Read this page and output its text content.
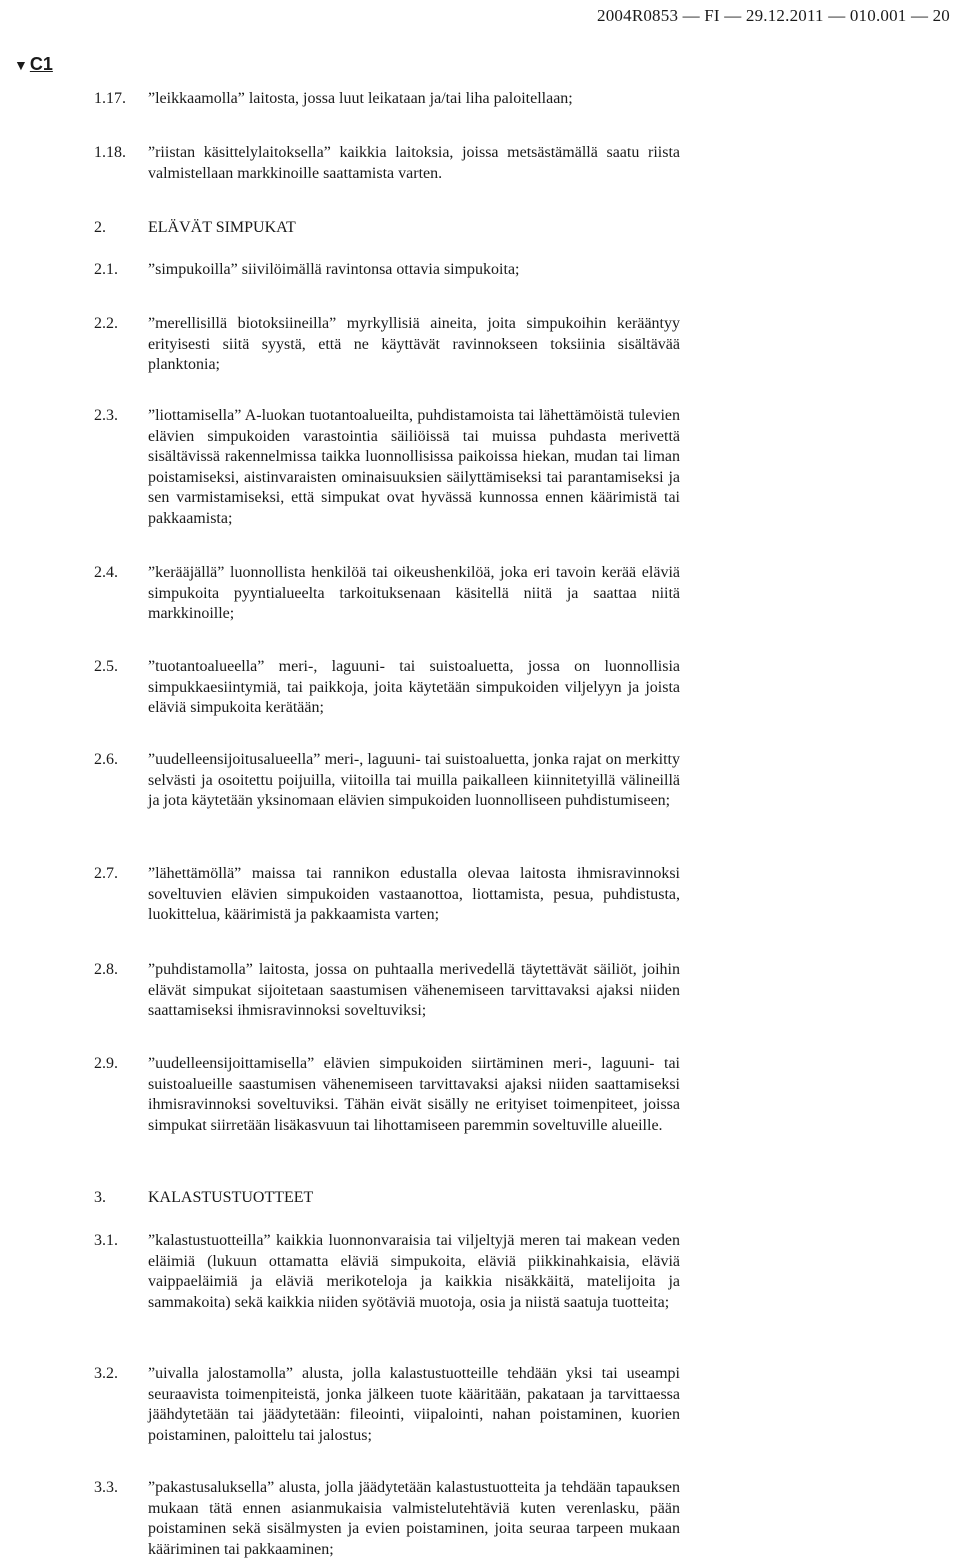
2004R0853 — FI — 29.12.2011 — 010.001 — 20
▼ C1
1.17. ”leikkaamolla” laitosta, jossa luut leikataan ja/tai liha paloitellaan;
1.18. ”riistan käsittelylaitoksella” kaikkia laitoksia, joissa metsästämällä saatu riista valmistellaan markkinoille saattamista varten.
2.	ELÄVÄT SIMPUKAT
2.1. ”simpukoilla” siivilöimällä ravintonsa ottavia simpukoita;
2.2. ”merellisillä biotoksiineilla” myrkyllisiä aineita, joita simpukoihin kerääntyy erityisesti siitä syystä, että ne käyttävät ravinnokseen toksiinia sisältävää planktonia;
2.3. ”liottamisella” A-luokan tuotantoalueilta, puhdistamoista tai lähettämöistä tulevien elävien simpukoiden varastointia säiliöissä tai muissa puhdasta merivettä sisältävissä rakennelmissa taikka luonnollisissa paikoissa hiekan, mudan tai liman poistamiseksi, aistinvaraisten ominaisuuksien säilyttämiseksi tai parantamiseksi ja sen varmistamiseksi, että simpukat ovat hyvässä kunnossa ennen käärimistä tai pakkaamista;
2.4. ”kerääjällä” luonnollista henkilöä tai oikeushenkilöä, joka eri tavoin kerää eläviä simpukoita pyyntialueelta tarkoituksenaan käsitellä niitä ja saattaa niitä markkinoille;
2.5. ”tuotantoalueella” meri-, laguuni- tai suistoaluetta, jossa on luonnollisia simpukkaesiintymiä, tai paikkoja, joita käytetään simpukoiden viljelyyn ja joista eläviä simpukoita kerätään;
2.6. ”uudelleensijoitusalueella” meri-, laguuni- tai suistoaluetta, jonka rajat on merkitty selvästi ja osoitettu poijuilla, viitoilla tai muilla paikalleen kiinnitetyillä välineillä ja jota käytetään yksinomaan elävien simpukoiden luonnolliseen puhdistumiseen;
2.7. ”lähettämöllä” maissa tai rannikon edustalla olevaa laitosta ihmisravinnoksi soveltuvien elävien simpukoiden vastaanottoa, liottamista, pesua, puhdistusta, luokittelua, käärimistä ja pakkaamista varten;
2.8. ”puhdistamolla” laitosta, jossa on puhtaalla merivedellä täytettävät säiliöt, joihin elävät simpukat sijoitetaan saastumisen vähenemiseen tarvittavaksi ajaksi niiden saattamiseksi ihmisravinnoksi soveltuviksi;
2.9. ”uudelleensijoittamisella” elävien simpukoiden siirtäminen meri-, laguuni- tai suistoalueille saastumisen vähenemiseen tarvittavaksi ajaksi niiden saattamiseksi ihmisravinnoksi soveltuviksi. Tähän eivät sisälly ne erityiset toimenpiteet, joissa simpukat siirretään lisäkasvuun tai lihottamiseen paremmin soveltuville alueille.
3.	KALASTUSTUOTTEET
3.1. ”kalastustuotteilla” kaikkia luonnonvaraisia tai viljeltyjä meren tai makean veden eläimiä (lukuun ottamatta eläviä simpukoita, eläviä piikkinahkaisia, eläviä vaippaeläimiä ja eläviä merikoteloja ja kaikkia nisäkkäitä, matelijoita ja sammakoita) sekä kaikkia niiden syötäviä muotoja, osia ja niistä saatuja tuotteita;
3.2. ”uivalla jalostamolla” alusta, jolla kalastustuotteille tehdään yksi tai useampi seuraavista toimenpiteistä, jonka jälkeen tuote kääritään, pakataan ja tarvittaessa jäähdytetään tai jäädytetään: fileointi, viipalointi, nahan poistaminen, kuorien poistaminen, paloittelu tai jalostus;
3.3. ”pakastusaluksella” alusta, jolla jäädytetään kalastustuotteita ja tehdään tapauksen mukaan tätä ennen asianmukaisia valmistelutehtäviä kuten verenlasku, pään poistaminen sekä sisälmysten ja evien poistaminen, joita seuraa tarpeen mukaan kääriminen tai pakkaaminen;
